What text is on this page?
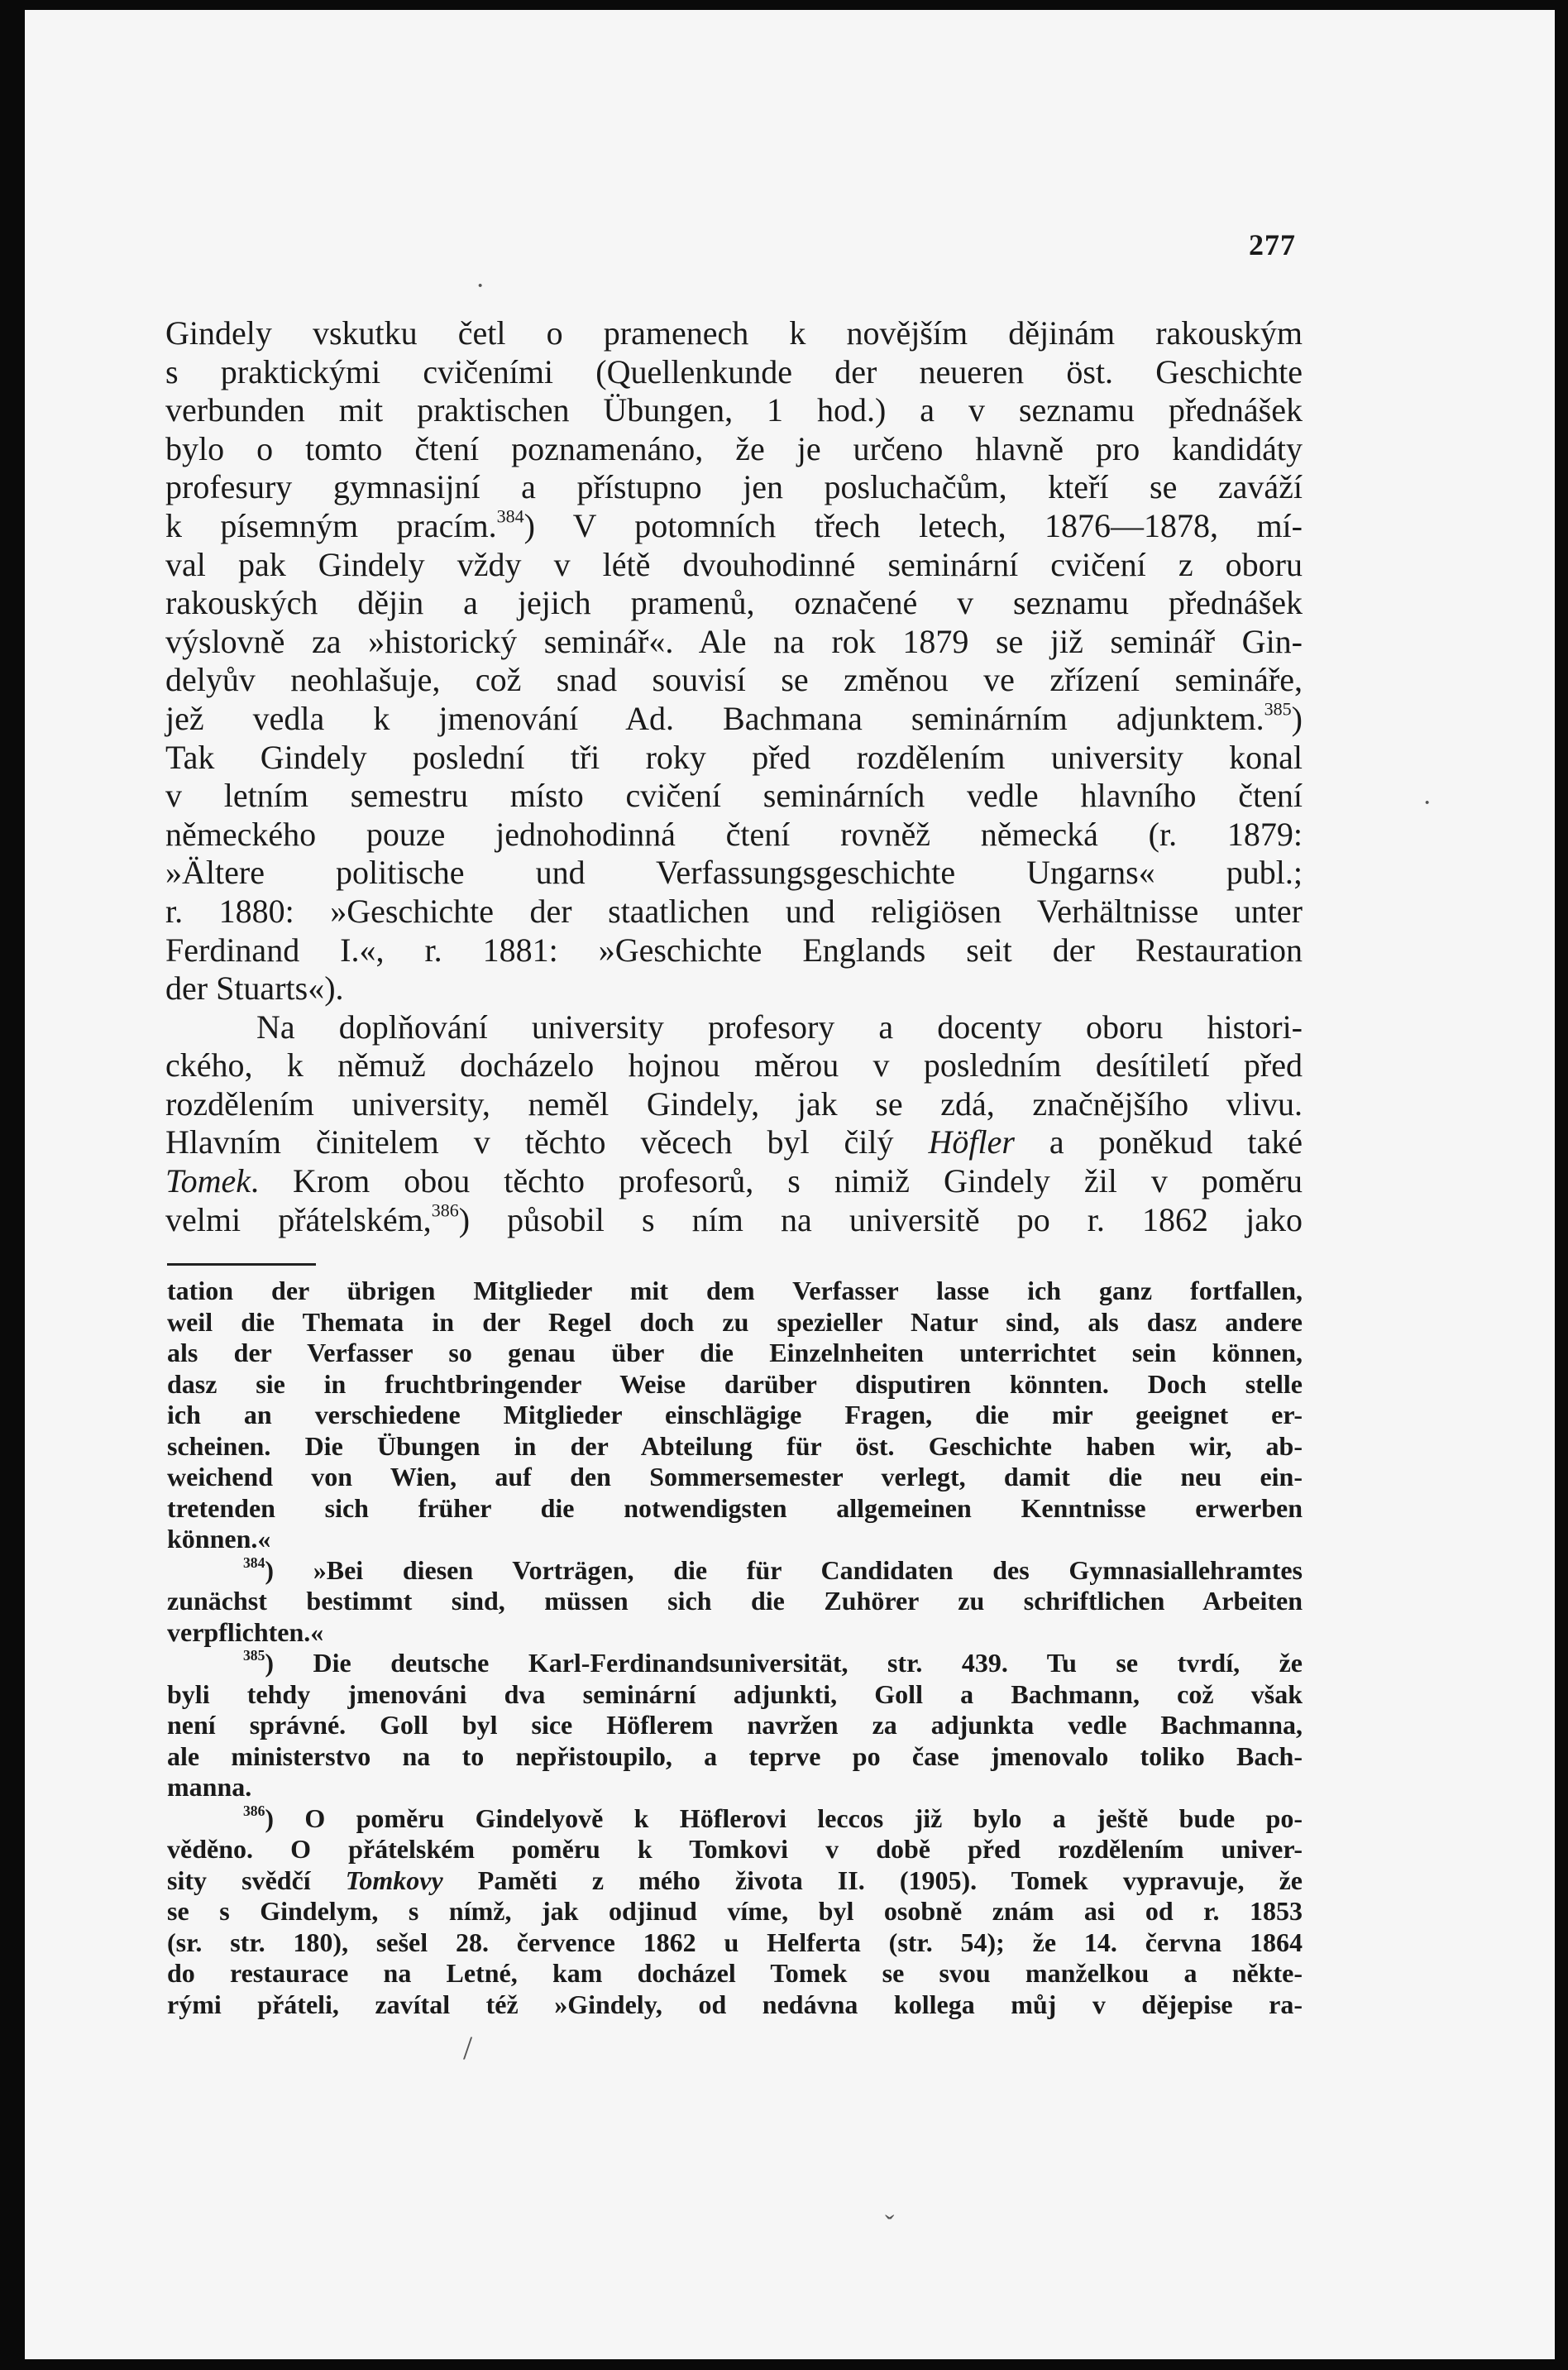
277
Gindely vskutku četl o pramenech k novějším dějinám rakouským
s praktickými cvičeními (Quellenkunde der neueren öst. Geschichte
verbunden mit praktischen Übungen, 1 hod.) a v seznamu přednášek
bylo o tomto čtení poznamenáno, že je určeno hlavně pro kandidáty
profesury gymnasijní a přístupno jen posluchačům, kteří se zaváží
k písemným pracím.$^{384}$) V potomních třech letech, 1876—1878, mí-
val pak Gindely vždy v létě dvouhodinné seminární cvičení z oboru
rakouských dějin a jejich pramenů, označené v seznamu přednášek
výslovně za »historický seminář«. Ale na rok 1879 se již seminář Gin-
delyův neohlašuje, což snad souvisí se změnou ve zřízení semináře,
jež vedla k jmenování Ad. Bachmana seminárním adjunktem.$^{385}$)
Tak Gindely poslední tři roky před rozdělením university konal
v letním semestru místo cvičení seminárních vedle hlavního čtení
německého pouze jednohodinná čtení rovněž německá (r. 1879:
»Ältere politische und Verfassungsgeschichte Ungarns« publ.;
r. 1880: »Geschichte der staatlichen und religiösen Verhältnisse unter
Ferdinand I.«, r. 1881: »Geschichte Englands seit der Restauration
der Stuarts«).
Na doplňování university profesory a docenty oboru histori-
ckého, k němuž docházelo hojnou měrou v posledním desítiletí před
rozdělením university, neměl Gindely, jak se zdá, značnějšího vlivu.
Hlavním činitelem v těchto věcech byl čilý Höfler a poněkud také
Tomek. Krom obou těchto profesorů, s nimiž Gindely žil v poměru
velmi přátelském,$^{386}$) působil s ním na universitě po r. 1862 jako
tation der übrigen Mitglieder mit dem Verfasser lasse ich ganz fortfallen,
weil die Themata in der Regel doch zu spezieller Natur sind, als dasz andere
als der Verfasser so genau über die Einzelnheiten unterrichtet sein können,
dasz sie in fruchtbringender Weise darüber disputiren könnten. Doch stelle
ich an verschiedene Mitglieder einschlägige Fragen, die mir geeignet er-
scheinen. Die Übungen in der Abteilung für öst. Geschichte haben wir, ab-
weichend von Wien, auf den Sommersemester verlegt, damit die neu ein-
tretenden sich früher die notwendigsten allgemeinen Kenntnisse erwerben
können.«
$^{384}$) »Bei diesen Vorträgen, die für Candidaten des Gymnasiallehramtes
zunächst bestimmt sind, müssen sich die Zuhörer zu schriftlichen Arbeiten
verpflichten.«
$^{385}$) Die deutsche Karl-Ferdinandsuniversität, str. 439. Tu se tvrdí, že
byli tehdy jmenováni dva seminární adjunkti, Goll a Bachmann, což však
není správné. Goll byl sice Höflerem navržen za adjunkta vedle Bachmanna,
ale ministerstvo na to nepřistoupilo, a teprve po čase jmenovalo toliko Bach-
manna.
$^{386}$) O poměru Gindelyově k Höflerovi leccos již bylo a ještě bude po-
věděno. O přátelském poměru k Tomkovi v době před rozdělením univer-
sity svědčí Tomkovy Paměti z mého života II. (1905). Tomek vypravuje, že
se s Gindelym, s nímž, jak odjinud víme, byl osobně znám asi od r. 1853
(sr. str. 180), sešel 28. července 1862 u Helferta (str. 54); že 14. června 1864
do restaurace na Letné, kam docházel Tomek se svou manželkou a někte-
rými přáteli, zavítal též »Gindely, od nedávna kollega můj v dějepise ra-
·
·
/
ˇ
